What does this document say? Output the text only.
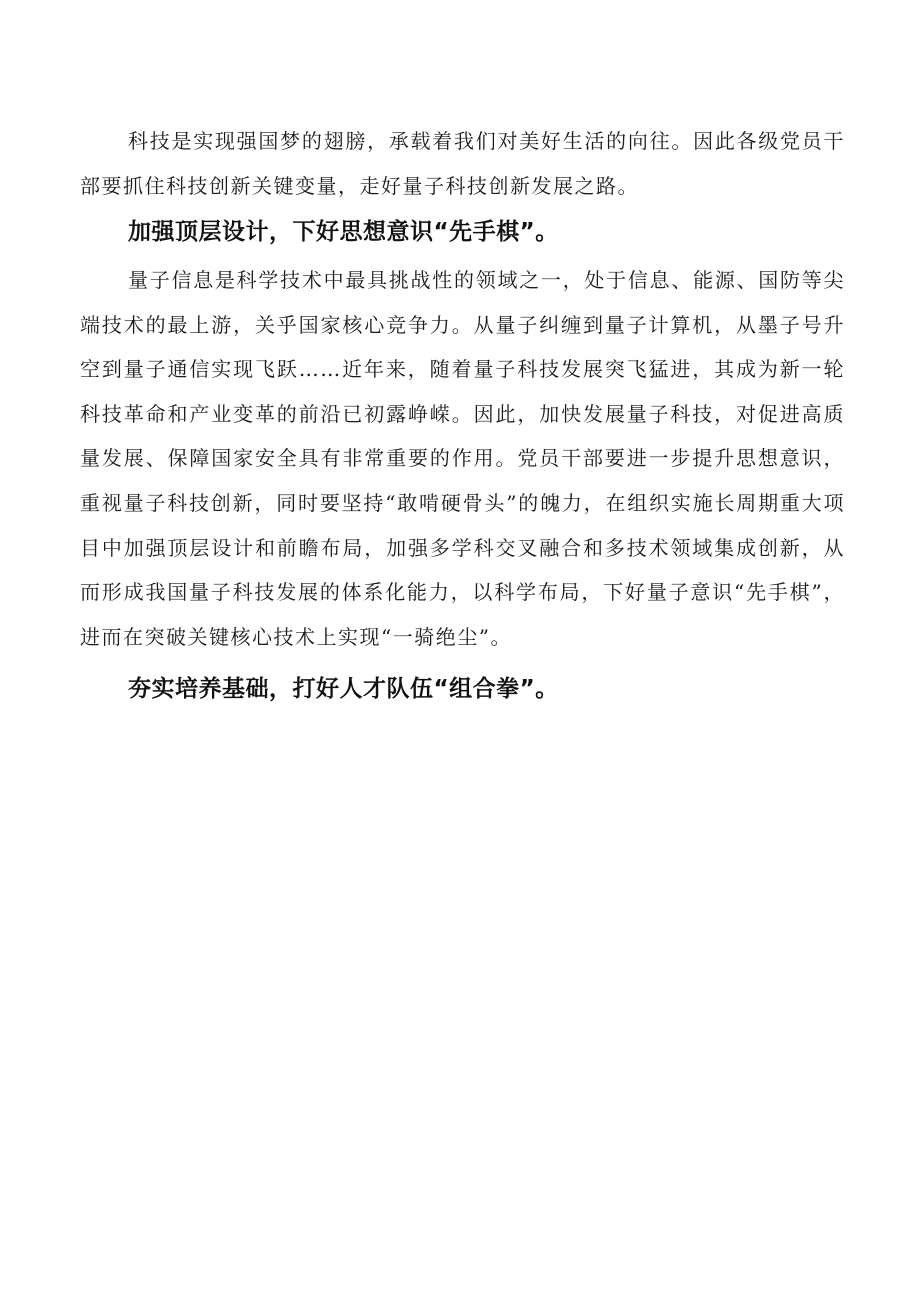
科技是实现强国梦的翅膀，承载着我们对美好生活的向往。因此各级党员干部要抓住科技创新关键变量，走好量子科技创新发展之路。

加强顶层设计，下好思想意识“先手棋”。

量子信息是科学技术中最具挑战性的领域之一，处于信息、能源、国防等尖端技术的最上游，关乎国家核心竞争力。从量子纠缠到量子计算机，从墨子号升空到量子通信实现飞跃……近年来，随着量子科技发展突飞猛进，其成为新一轮科技革命和产业变革的前沿已初露峥嵘。因此，加快发展量子科技，对促进高质量发展、保障国家安全具有非常重要的作用。党员干部要进一步提升思想意识，重视量子科技创新，同时要坚持“敢啃硬骨头”的魄力，在组织实施长周期重大项目中加强顶层设计和前瞻布局，加强多学科交叉融合和多技术领域集成创新，从而形成我国量子科技发展的体系化能力，以科学布局，下好量子意识“先手棋”，进而在突破关键核心技术上实现“一骑绝尘”。

夯实培养基础，打好人才队伍“组合拳”。
